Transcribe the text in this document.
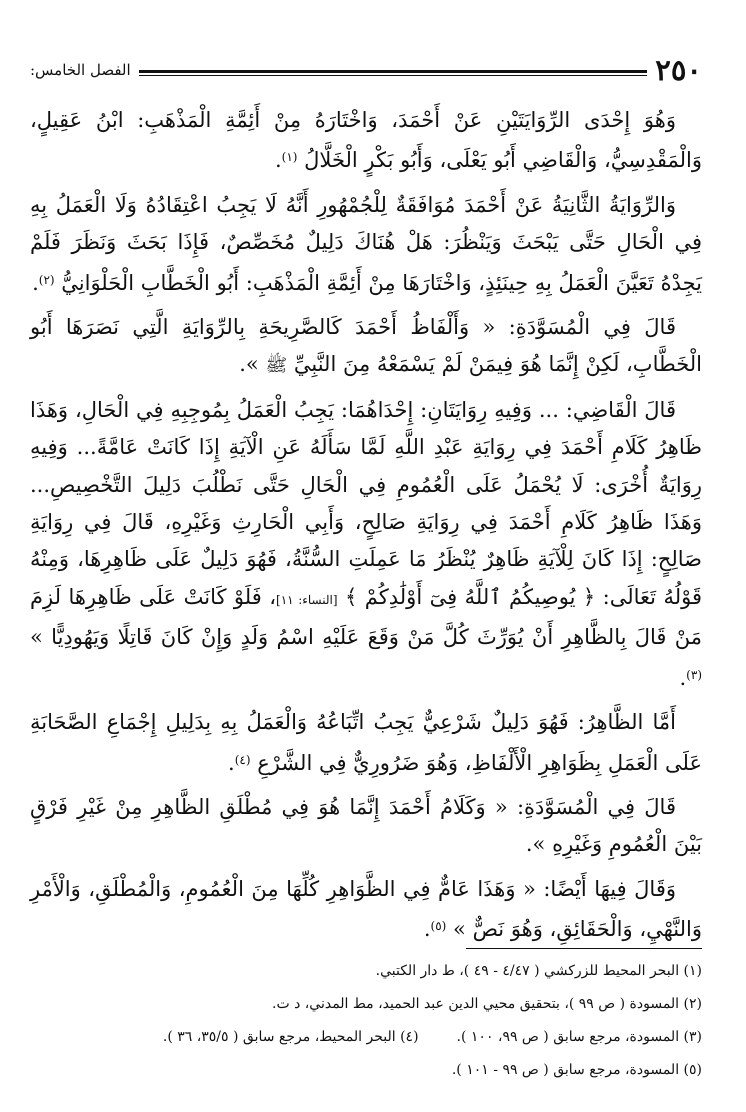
٢٥٠
الفصل الخامس:

وَهُوَ إِحْدَى الرِّوَايَتَيْنِ عَنْ أَحْمَدَ، وَاخْتَارَهُ مِنْ أَئِمَّةِ الْمَذْهَبِ: ابْنُ عَقِيلٍ، وَالْمَقْدِسِيُّ، وَالْقَاضِي أَبُو يَعْلَى، وَأَبُو بَكْرٍ الْخَلَّالُ $^{(١)}$.

وَالرِّوَايَةُ الثَّانِيَةُ عَنْ أَحْمَدَ مُوَافَقَةٌ لِلْجُمْهُورِ أَنَّهُ لَا يَجِبُ اعْتِقَادُهُ وَلَا الْعَمَلُ بِهِ فِي الْحَالِ حَتَّى يَبْحَثَ وَيَنْظُرَ: هَلْ هُنَاكَ دَلِيلٌ مُخَصِّصٌ، فَإِذَا بَحَثَ وَنَظَرَ فَلَمْ يَجِدْهُ تَعَيَّنَ الْعَمَلُ بِهِ حِينَئِذٍ، وَاخْتَارَهَا مِنْ أَئِمَّةِ الْمَذْهَبِ: أَبُو الْخَطَّابِ الْحَلْوَانِيُّ $^{(٢)}$.

قَالَ فِي الْمُسَوَّدَةِ: « وَأَلْفَاظُ أَحْمَدَ كَالصَّرِيحَةِ بِالرِّوَايَةِ الَّتِي نَصَرَهَا أَبُو الْخَطَّابِ، لَكِنْ إِنَّمَا هُوَ فِيمَنْ لَمْ يَسْمَعْهُ مِنَ النَّبِيِّ ﷺ ».

قَالَ الْقَاضِي: ... وَفِيهِ رِوَايَتَانِ: إِحْدَاهُمَا: يَجِبُ الْعَمَلُ بِمُوجِبِهِ فِي الْحَالِ، وَهَذَا ظَاهِرُ كَلَامِ أَحْمَدَ فِي رِوَايَةِ عَبْدِ اللَّهِ لَمَّا سَأَلَهُ عَنِ الْآيَةِ إِذَا كَانَتْ عَامَّةً... وَفِيهِ رِوَايَةٌ أُخْرَى: لَا يُحْمَلُ عَلَى الْعُمُومِ فِي الْحَالِ حَتَّى نَطْلُبَ دَلِيلَ التَّخْصِيصِ... وَهَذَا ظَاهِرُ كَلَامِ أَحْمَدَ فِي رِوَايَةِ صَالِحٍ، وَأَبِي الْحَارِثِ وَغَيْرِهِ، قَالَ فِي رِوَايَةِ صَالِحٍ: إِذَا كَانَ لِلْآيَةِ ظَاهِرٌ يُنْظَرُ مَا عَمِلَتِ السُّنَّةُ، فَهُوَ دَلِيلٌ عَلَى ظَاهِرِهَا، وَمِنْهُ قَوْلُهُ تَعَالَى: ﴿ يُوصِيكُمُ ٱللَّهُ فِىٓ أَوْلَٰدِكُمْ ﴾ [النساء: ١١]، فَلَوْ كَانَتْ عَلَى ظَاهِرِهَا لَزِمَ مَنْ قَالَ بِالظَّاهِرِ أَنْ يُوَرِّثَ كُلَّ مَنْ وَقَعَ عَلَيْهِ اسْمُ وَلَدٍ وَإِنْ كَانَ قَاتِلًا وَيَهُودِيًّا » $^{(٣)}$.

أَمَّا الظَّاهِرُ: فَهُوَ دَلِيلٌ شَرْعِيٌّ يَجِبُ اتِّبَاعُهُ وَالْعَمَلُ بِهِ بِدَلِيلِ إِجْمَاعِ الصَّحَابَةِ عَلَى الْعَمَلِ بِظَوَاهِرِ الْأَلْفَاظِ، وَهُوَ ضَرُورِيٌّ فِي الشَّرْعِ $^{(٤)}$.

قَالَ فِي الْمُسَوَّدَةِ: « وَكَلَامُ أَحْمَدَ إِنَّمَا هُوَ فِي مُطْلَقِ الظَّاهِرِ مِنْ غَيْرِ فَرْقٍ بَيْنَ الْعُمُومِ وَغَيْرِهِ ».

وَقَالَ فِيهَا أَيْضًا: « وَهَذَا عَامٌّ فِي الظَّوَاهِرِ كُلِّهَا مِنَ الْعُمُومِ، وَالْمُطْلَقِ، وَالْأَمْرِ وَالنَّهْيِ، وَالْحَقَائِقِ، وَهُوَ نَصٌّ » $^{(٥)}$.

(١) البحر المحيط للزركشي ( ٤/٤٧ - ٤٩ )، ط دار الكتبي.
(٢) المسودة ( ص ٩٩ )، بتحقيق محيي الدين عبد الحميد، مط المدني، د ت.
(٣) المسودة، مرجع سابق ( ص ٩٩، ١٠٠ ).
(٤) البحر المحيط، مرجع سابق ( ٣٥/٥، ٣٦ ).
(٥) المسودة، مرجع سابق ( ص ٩٩ - ١٠١ ).
